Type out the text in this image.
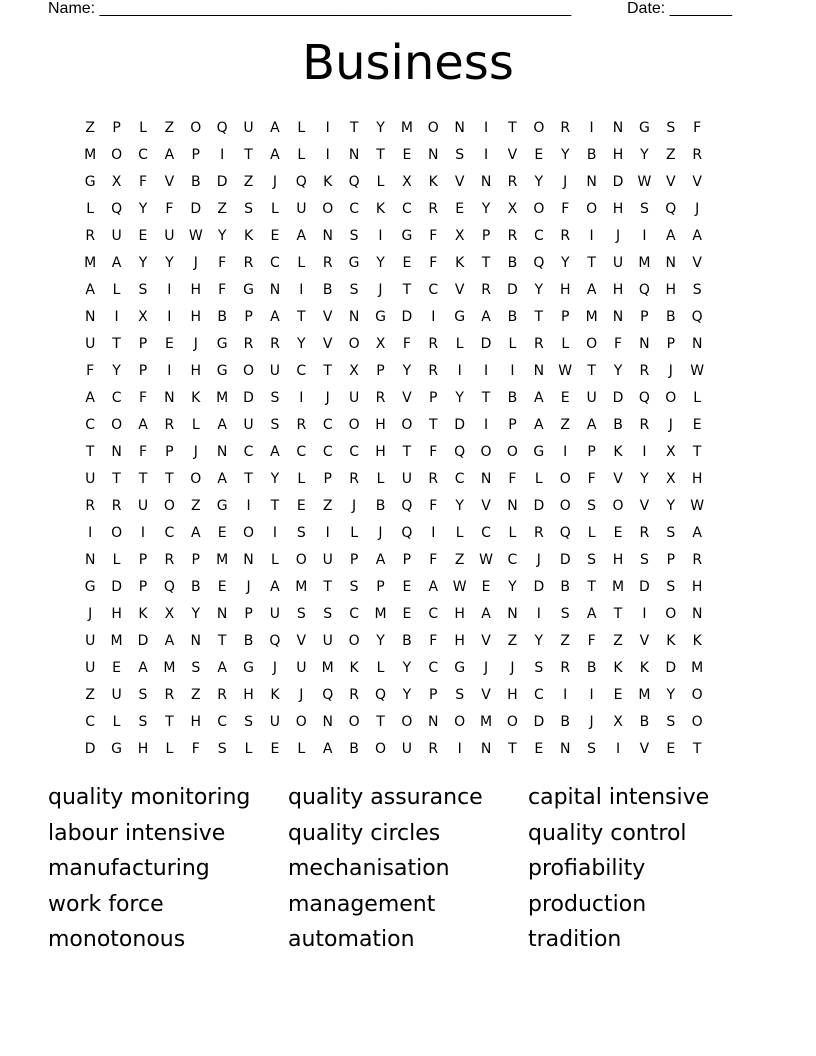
Name: _____________________________________________________	Date: _______
Business
Z	P	L	Z	O	Q	U	A	L	I	T	Y	M	O	N	I	T	O	R	I	N	G	S	F
M	O	C	A	P	I	T	A	L	I	N	T	E	N	S	I	V	E	Y	B	H	Y	Z	R
G	X	F	V	B	D	Z	J	Q	K	Q	L	X	K	V	N	R	Y	J	N	D	W	V	V
L	Q	Y	F	D	Z	S	L	U	O	C	K	C	R	E	Y	X	O	F	O	H	S	Q	J
R	U	E	U	W	Y	K	E	A	N	S	I	G	F	X	P	R	C	R	I	J	I	A	A
M	A	Y	Y	J	F	R	C	L	R	G	Y	E	F	K	T	B	Q	Y	T	U	M	N	V
A	L	S	I	H	F	G	N	I	B	S	J	T	C	V	R	D	Y	H	A	H	Q	H	S
N	I	X	I	H	B	P	A	T	V	N	G	D	I	G	A	B	T	P	M	N	P	B	Q
U	T	P	E	J	G	R	R	Y	V	O	X	F	R	L	D	L	R	L	O	F	N	P	N
F	Y	P	I	H	G	O	U	C	T	X	P	Y	R	I	I	I	N	W	T	Y	R	J	W
A	C	F	N	K	M	D	S	I	J	U	R	V	P	Y	T	B	A	E	U	D	Q	O	L
C	O	A	R	L	A	U	S	R	C	O	H	O	T	D	I	P	A	Z	A	B	R	J	E
T	N	F	P	J	N	C	A	C	C	C	H	T	F	Q	O	O	G	I	P	K	I	X	T
U	T	T	T	O	A	T	Y	L	P	R	L	U	R	C	N	F	L	O	F	V	Y	X	H
R	R	U	O	Z	G	I	T	E	Z	J	B	Q	F	Y	V	N	D	O	S	O	V	Y	W
I	O	I	C	A	E	O	I	S	I	L	J	Q	I	L	C	L	R	Q	L	E	R	S	A
N	L	P	R	P	M	N	L	O	U	P	A	P	F	Z	W	C	J	D	S	H	S	P	R
G	D	P	Q	B	E	J	A	M	T	S	P	E	A	W	E	Y	D	B	T	M	D	S	H
J	H	K	X	Y	N	P	U	S	S	C	M	E	C	H	A	N	I	S	A	T	I	O	N
U	M	D	A	N	T	B	Q	V	U	O	Y	B	F	H	V	Z	Y	Z	F	Z	V	K	K
U	E	A	M	S	A	G	J	U	M	K	L	Y	C	G	J	J	S	R	B	K	K	D	M
Z	U	S	R	Z	R	H	K	J	Q	R	Q	Y	P	S	V	H	C	I	I	E	M	Y	O
C	L	S	T	H	C	S	U	O	N	O	T	O	N	O	M	O	D	B	J	X	B	S	O
D	G	H	L	F	S	L	E	L	A	B	O	U	R	I	N	T	E	N	S	I	V	E	T
quality monitoring
labour intensive
manufacturing
work force
monotonous
quality assurance
quality circles
mechanisation
management
automation
capital intensive
quality control
profiability
production
tradition
